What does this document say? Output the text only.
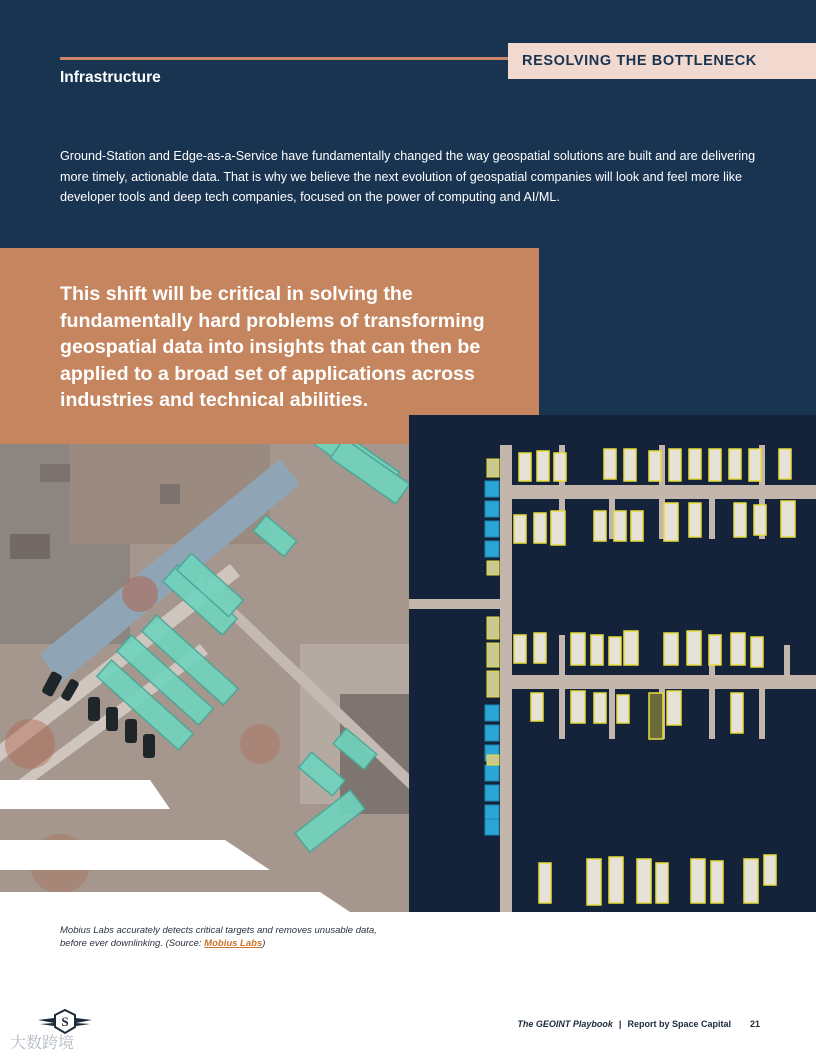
RESOLVING THE BOTTLENECK
Infrastructure

Ground-Station and Edge-as-a-Service have fundamentally changed the way geospatial solutions are built and are delivering more timely, actionable data. That is why we believe the next evolution of geospatial companies will look and feel more like developer tools and deep tech companies, focused on the power of computing and AI/ML.

This shift will be critical in solving the fundamentally hard problems of transforming geospatial data into insights that can then be applied to a broad set of applications across industries and technical abilities.
Mobius Labs accurately detects critical targets and removes unusable data, before ever downlinking. (Source: Mobius Labs)
S
大数跨境
The GEOINT Playbook | Report by Space Capital 21
